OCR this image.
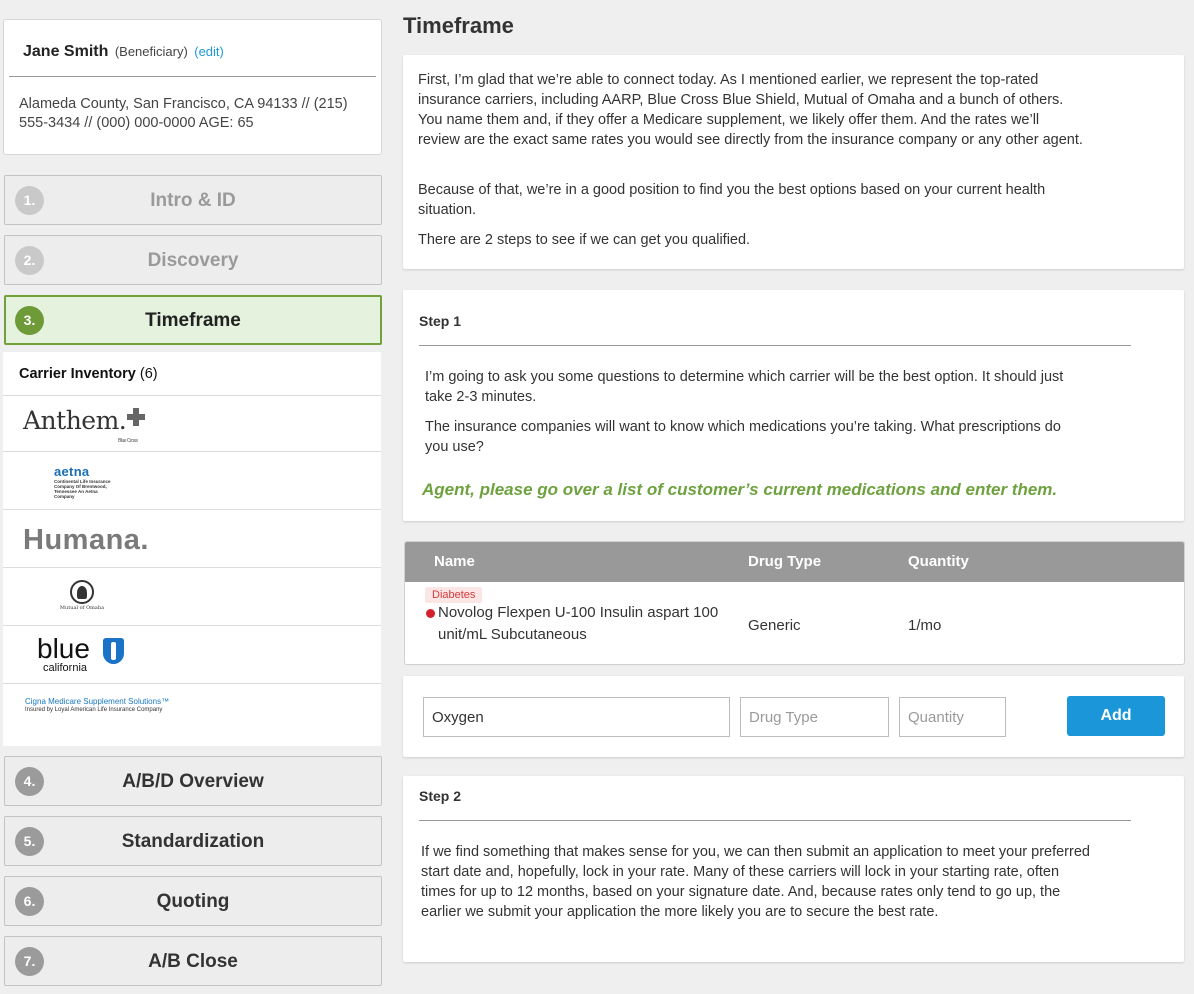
Jane Smith (Beneficiary) (edit)
Alameda County, San Francisco, CA 94133 // (215) 555-3434 // (000) 000-0000 AGE: 65
1.	Intro & ID
2.	Discovery
3.	Timeframe
Carrier Inventory (6)
Anthem.
Blue Cross
aetna
Continental Life Insurance Company Of Brentwood, Tennessee An Aetna Company
Humana.
Mutual of Omaha
blue
california
Cigna Medicare Supplement Solutions™
Insured by Loyal American Life Insurance Company
4.	A/B/D Overview
5.	Standardization
6.	Quoting
7.	A/B Close
Timeframe

First, I’m glad that we’re able to connect today. As I mentioned earlier, we represent the top-rated insurance carriers, including AARP, Blue Cross Blue Shield, Mutual of Omaha and a bunch of others. You name them and, if they offer a Medicare supplement, we likely offer them. And the rates we’ll review are the exact same rates you would see directly from the insurance company or any other agent.

Because of that, we’re in a good position to find you the best options based on your current health situation.

There are 2 steps to see if we can get you qualified.

Step 1
I’m going to ask you some questions to determine which carrier will be the best option. It should just take 2-3 minutes.
The insurance companies will want to know which medications you’re taking. What prescriptions do you use?
Agent, please go over a list of customer’s current medications and enter them.
Name	Drug Type	Quantity
Diabetes
Novolog Flexpen U-100 Insulin aspart 100 unit/mL Subcutaneous
Generic	1/mo
Oxygen
Drug Type
Quantity
Add
Step 2
If we find something that makes sense for you, we can then submit an application to meet your preferred start date and, hopefully, lock in your rate. Many of these carriers will lock in your starting rate, often times for up to 12 months, based on your signature date. And, because rates only tend to go up, the earlier we submit your application the more likely you are to secure the best rate.
